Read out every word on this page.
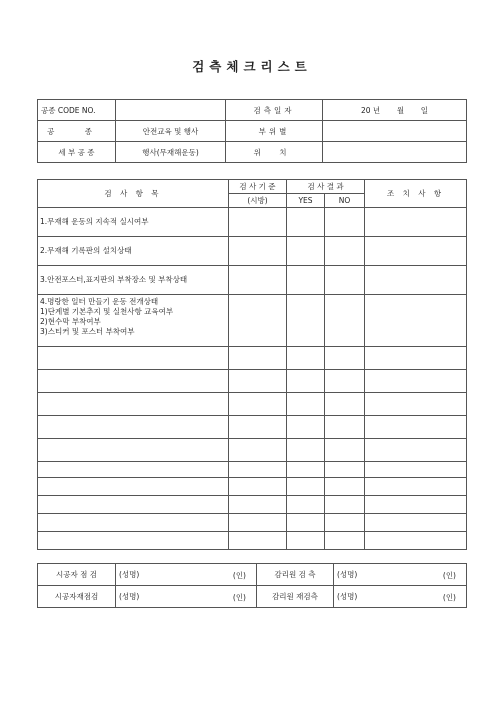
검측체크리스트
공종 CODE NO.		검측일자	20 년 월 일
공 종	안전교육 및 행사	부위별	
세 부 공 종	행사(무재해운동)	위 치	
검 사 항 목	검 사 기 준	검 사 결 과		조 치 사 항
	(시방)	YES	NO	
1.무재해 운동의 지속적 실시여부				
2.무재해 기록판의 설치상태				
3.안전포스터,표지판의 부착장소 및 부착상태				

4.명랑한 일터 만들기 운동 전개상태
1)단계별 기본추지 및 실천사항 교육여부
2)현수막 부착여부
3)스티커 및 포스터 부착여부				

시공자 점 검	(성명) (인)	감리원 검 측	(성명) (인)

시공자재점검	(성명) (인)	감리원 재검측	(성명) (인)
